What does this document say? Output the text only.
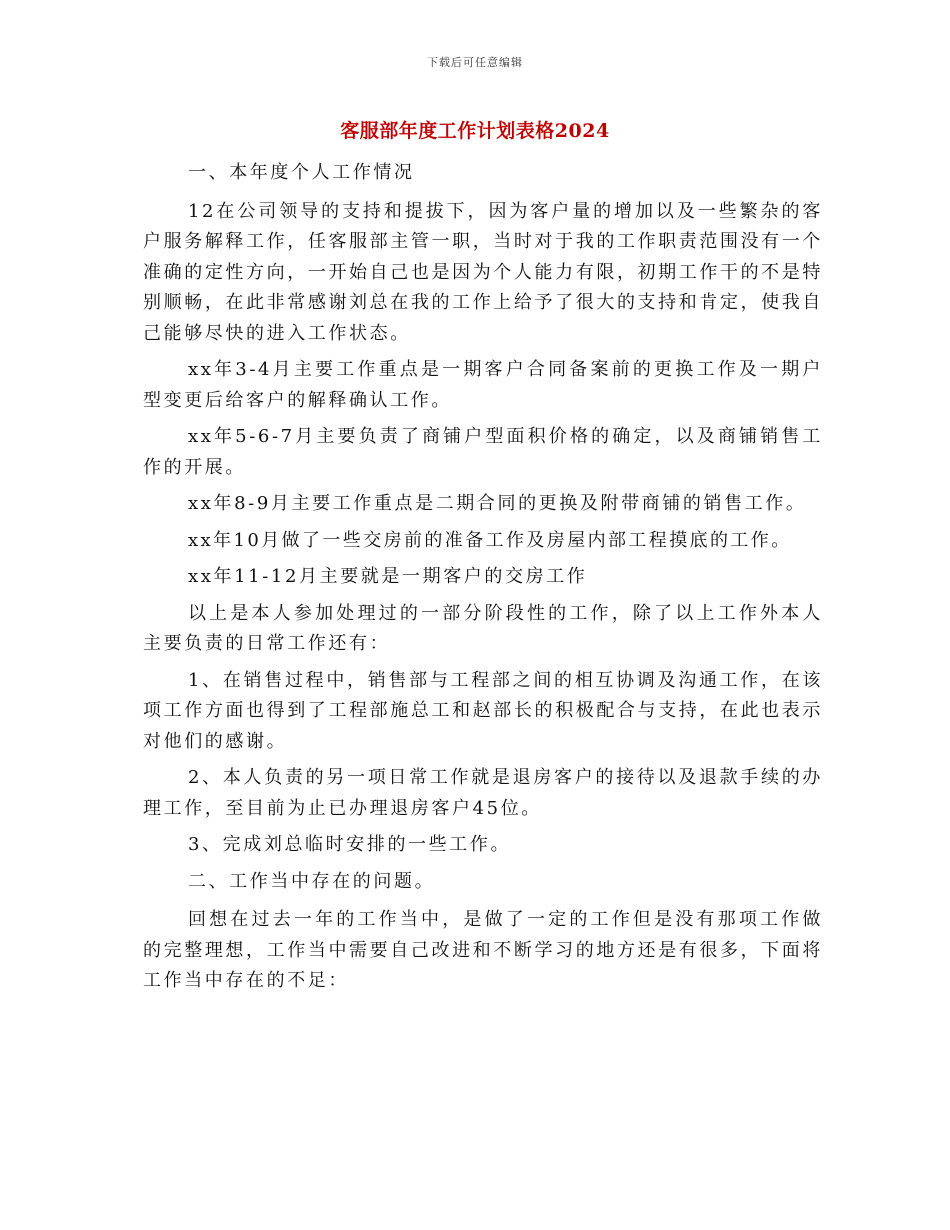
下载后可任意编辑
客服部年度工作计划表格2024

一、本年度个人工作情况

12在公司领导的支持和提拔下，因为客户量的增加以及一些繁杂的客户服务解释工作，任客服部主管一职，当时对于我的工作职责范围没有一个准确的定性方向，一开始自己也是因为个人能力有限，初期工作干的不是特别顺畅，在此非常感谢刘总在我的工作上给予了很大的支持和肯定，使我自己能够尽快的进入工作状态。

xx年3-4月主要工作重点是一期客户合同备案前的更换工作及一期户型变更后给客户的解释确认工作。

xx年5-6-7月主要负责了商铺户型面积价格的确定，以及商铺销售工作的开展。

xx年8-9月主要工作重点是二期合同的更换及附带商铺的销售工作。

xx年10月做了一些交房前的准备工作及房屋内部工程摸底的工作。

xx年11-12月主要就是一期客户的交房工作

以上是本人参加处理过的一部分阶段性的工作，除了以上工作外本人主要负责的日常工作还有：

1、在销售过程中，销售部与工程部之间的相互协调及沟通工作，在该项工作方面也得到了工程部施总工和赵部长的积极配合与支持，在此也表示对他们的感谢。

2、本人负责的另一项日常工作就是退房客户的接待以及退款手续的办理工作，至目前为止已办理退房客户45位。

3、完成刘总临时安排的一些工作。

二、工作当中存在的问题。

回想在过去一年的工作当中，是做了一定的工作但是没有那项工作做的完整理想，工作当中需要自己改进和不断学习的地方还是有很多，下面将工作当中存在的不足：
